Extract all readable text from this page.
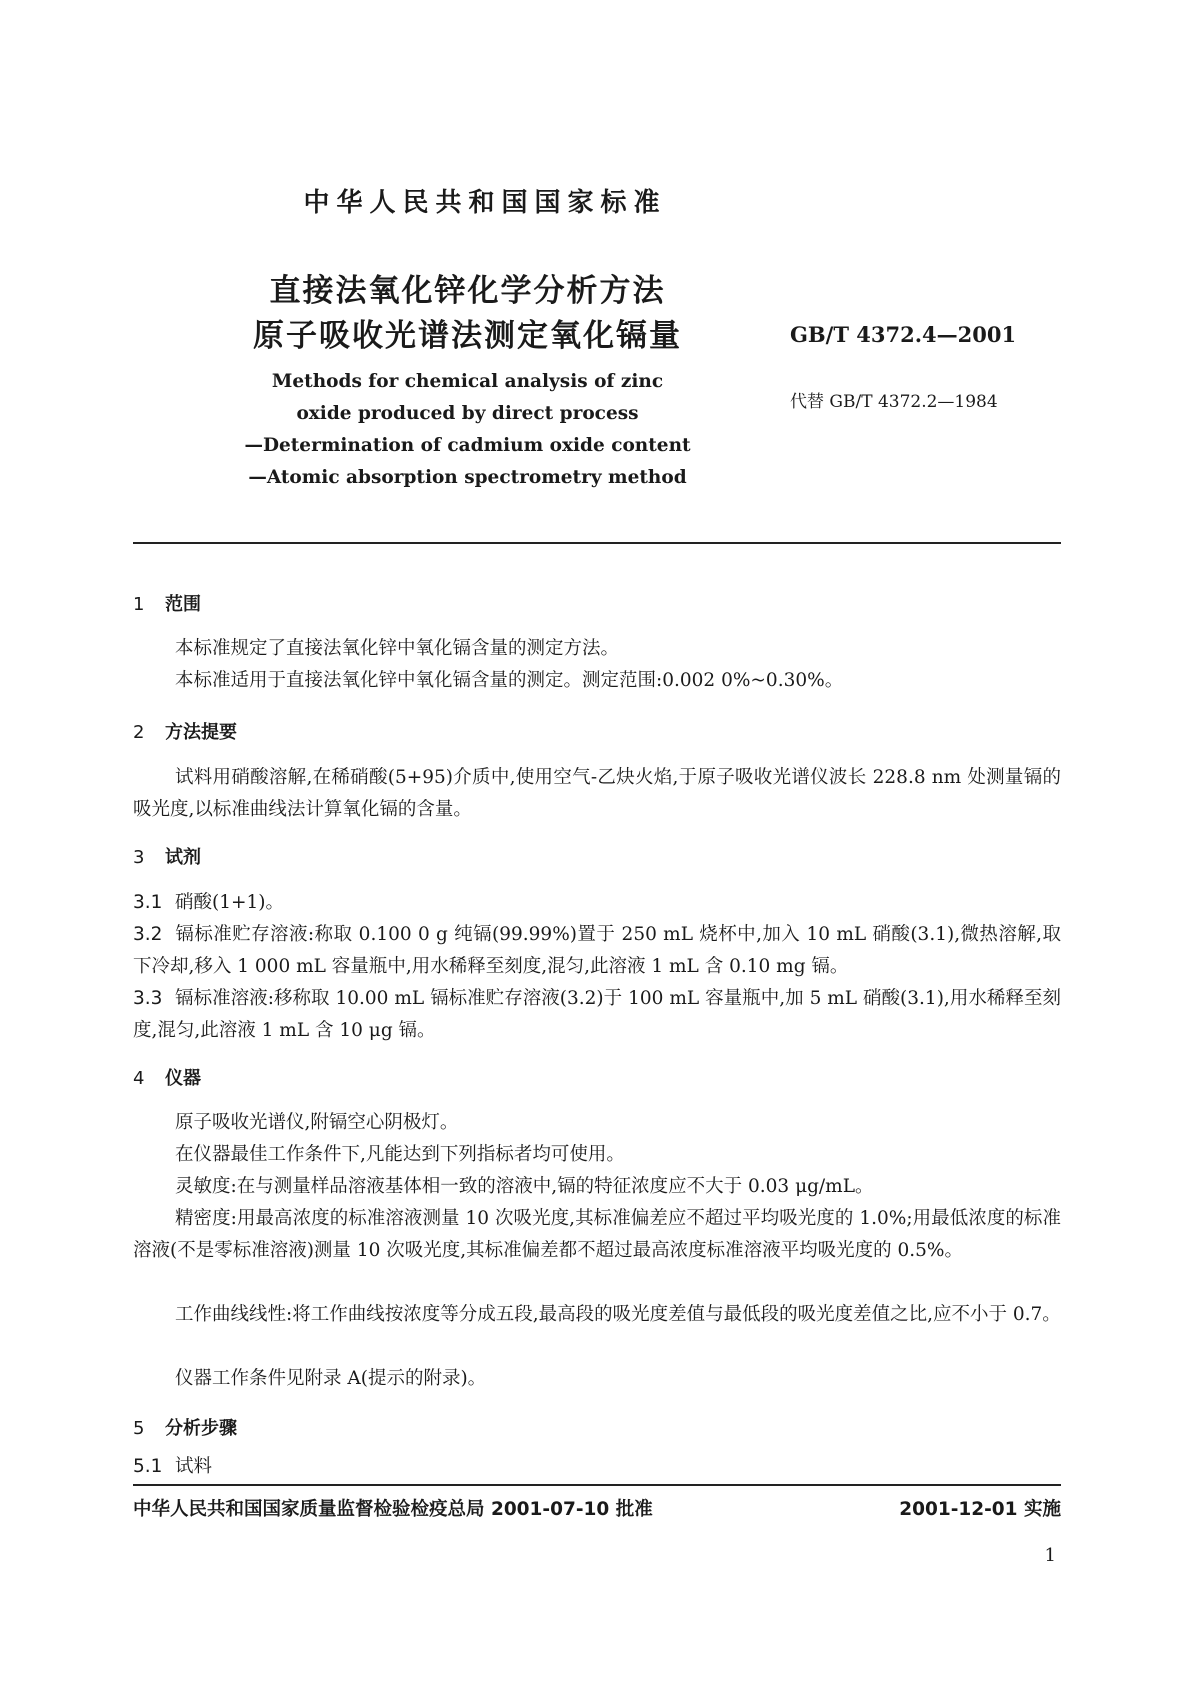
中华人民共和国国家标准
直接法氧化锌化学分析方法
原子吸收光谱法测定氧化镉量	GB/T 4372.4—2001
代替 GB/T 4372.2—1984
Methods for chemical analysis of zinc
oxide produced by direct process
—Determination of cadmium oxide content
—Atomic absorption spectrometry method
1 范围
本标准规定了直接法氧化锌中氧化镉含量的测定方法。
本标准适用于直接法氧化锌中氧化镉含量的测定。测定范围:0.002 0%~0.30%。
2 方法提要
试料用硝酸溶解,在稀硝酸(5+95)介质中,使用空气-乙炔火焰,于原子吸收光谱仪波长 228.8 nm 处测量镉的吸光度,以标准曲线法计算氧化镉的含量。
3 试剂
3.1 硝酸(1+1)。
3.2 镉标准贮存溶液:称取 0.100 0 g 纯镉(99.99%)置于 250 mL 烧杯中,加入 10 mL 硝酸(3.1),微热溶解,取下冷却,移入 1 000 mL 容量瓶中,用水稀释至刻度,混匀,此溶液 1 mL 含 0.10 mg 镉。
3.3 镉标准溶液:移称取 10.00 mL 镉标准贮存溶液(3.2)于 100 mL 容量瓶中,加 5 mL 硝酸(3.1),用水稀释至刻度,混匀,此溶液 1 mL 含 10 μg 镉。
4 仪器
原子吸收光谱仪,附镉空心阴极灯。
在仪器最佳工作条件下,凡能达到下列指标者均可使用。
灵敏度:在与测量样品溶液基体相一致的溶液中,镉的特征浓度应不大于 0.03 μg/mL。
精密度:用最高浓度的标准溶液测量 10 次吸光度,其标准偏差应不超过平均吸光度的 1.0%;用最低浓度的标准溶液(不是零标准溶液)测量 10 次吸光度,其标准偏差都不超过最高浓度标准溶液平均吸光度的 0.5%。
工作曲线线性:将工作曲线按浓度等分成五段,最高段的吸光度差值与最低段的吸光度差值之比,应不小于 0.7。
仪器工作条件见附录 A(提示的附录)。
5 分析步骤
5.1 试料
中华人民共和国国家质量监督检验检疫总局 2001-07-10 批准	2001-12-01 实施
1
